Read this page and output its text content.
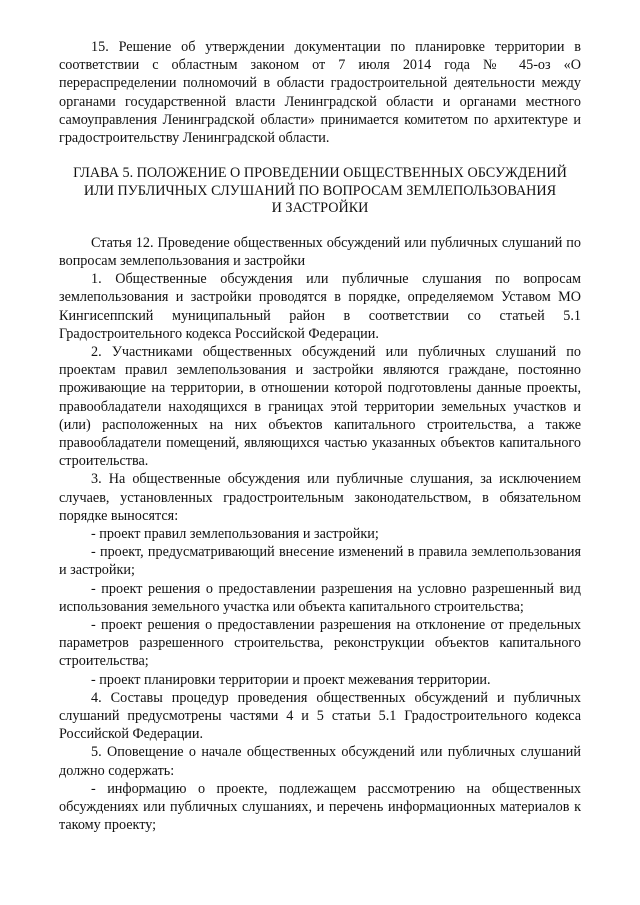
15. Решение об утверждении документации по планировке территории в соответствии с областным законом от 7 июля 2014 года № 45-оз «О перераспределении полномочий в области градостроительной деятельности между органами государственной власти Ленинградской области и органами местного самоуправления Ленинградской области» принимается комитетом по архитектуре и градостроительству Ленинградской области.

ГЛАВА 5. ПОЛОЖЕНИЕ О ПРОВЕДЕНИИ ОБЩЕСТВЕННЫХ ОБСУЖДЕНИЙ
ИЛИ ПУБЛИЧНЫХ СЛУШАНИЙ ПО ВОПРОСАМ ЗЕМЛЕПОЛЬЗОВАНИЯ
И ЗАСТРОЙКИ

Статья 12. Проведение общественных обсуждений или публичных слушаний по вопросам землепользования и застройки

1. Общественные обсуждения или публичные слушания по вопросам землепользования и застройки проводятся в порядке, определяемом Уставом МО Кингисеппский муниципальный район в соответствии со статьей 5.1 Градостроительного кодекса Российской Федерации.

2. Участниками общественных обсуждений или публичных слушаний по проектам правил землепользования и застройки являются граждане, постоянно проживающие на территории, в отношении которой подготовлены данные проекты, правообладатели находящихся в границах этой территории земельных участков и (или) расположенных на них объектов капитального строительства, а также правообладатели помещений, являющихся частью указанных объектов капитального строительства.

3. На общественные обсуждения или публичные слушания, за исключением случаев, установленных градостроительным законодательством, в обязательном порядке выносятся:

- проект правил землепользования и застройки;

- проект, предусматривающий внесение изменений в правила землепользования и застройки;

- проект решения о предоставлении разрешения на условно разрешенный вид использования земельного участка или объекта капитального строительства;

- проект решения о предоставлении разрешения на отклонение от предельных параметров разрешенного строительства, реконструкции объектов капитального строительства;

- проект планировки территории и проект межевания территории.

4. Составы процедур проведения общественных обсуждений и публичных слушаний предусмотрены частями 4 и 5 статьи 5.1 Градостроительного кодекса Российской Федерации.

5. Оповещение о начале общественных обсуждений или публичных слушаний должно содержать:

- информацию о проекте, подлежащем рассмотрению на общественных обсуждениях или публичных слушаниях, и перечень информационных материалов к такому проекту;
